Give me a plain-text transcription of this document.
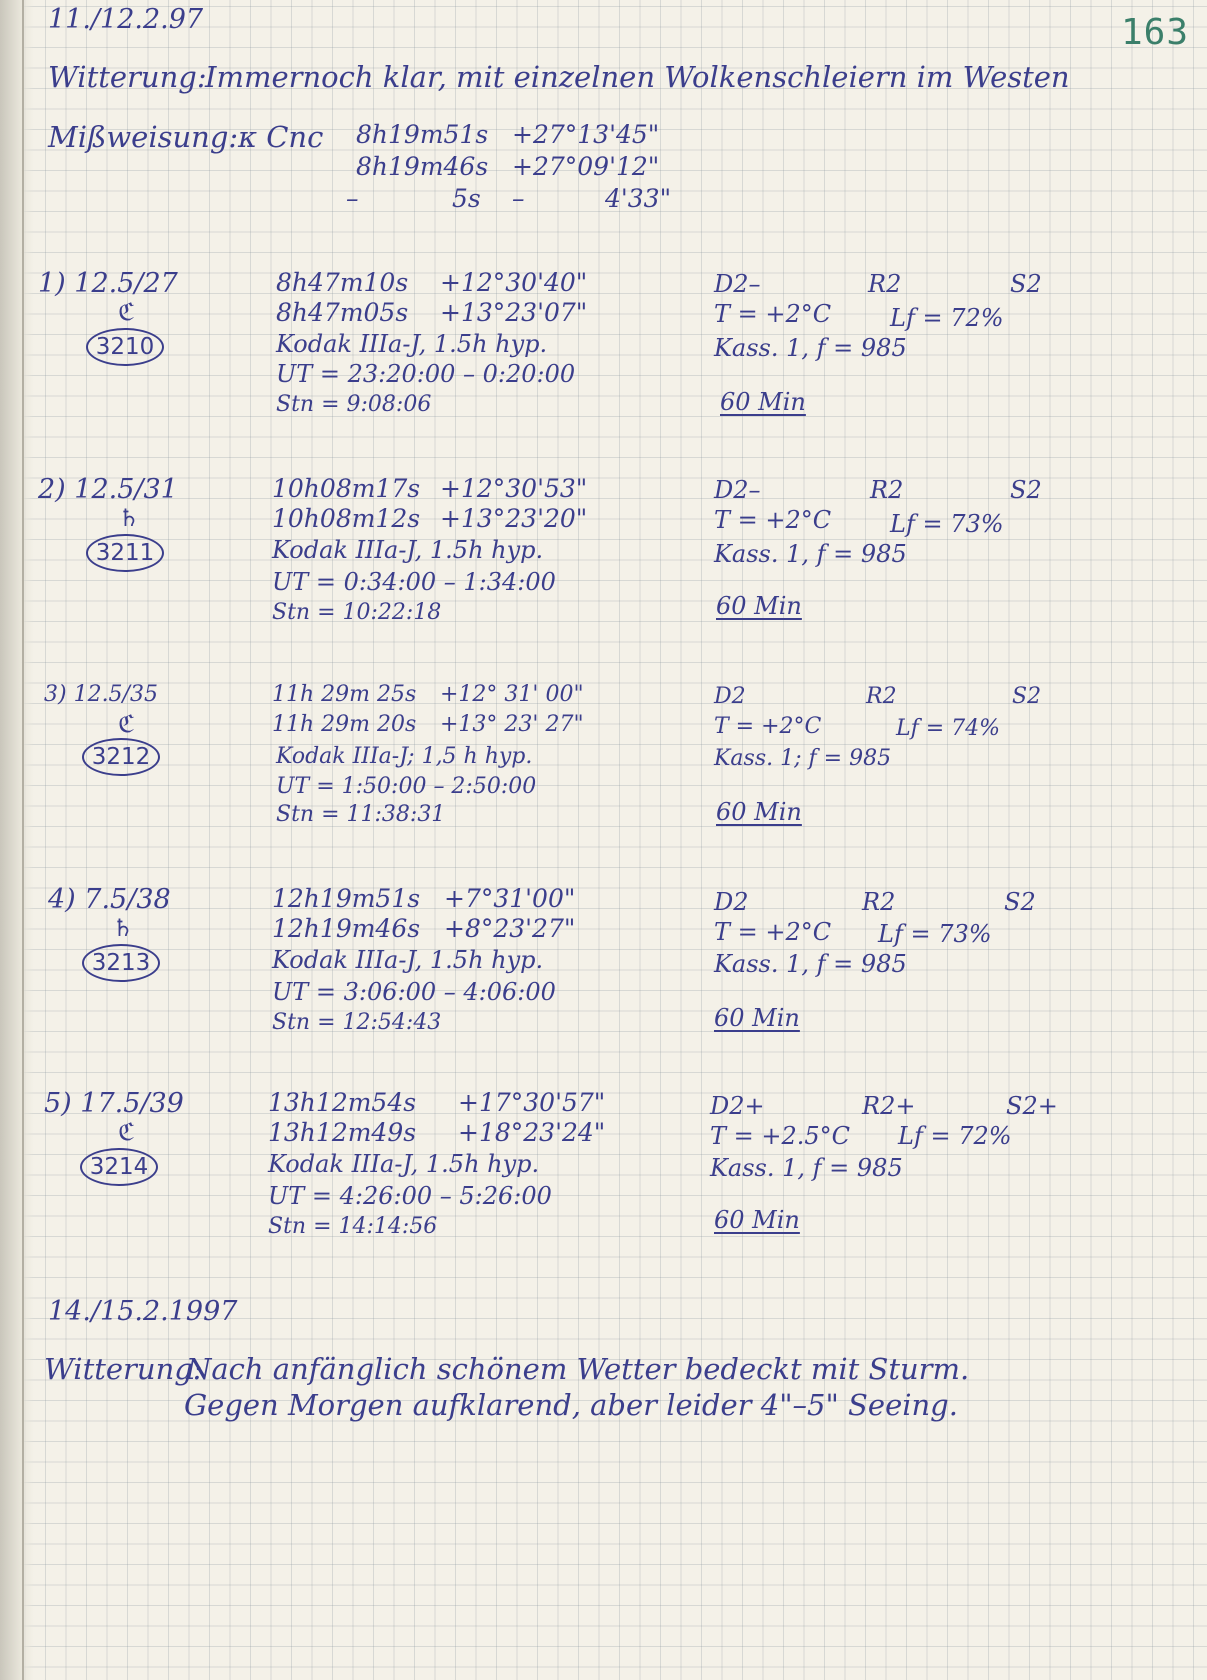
163
11./12.2.97
Witterung:
Immernoch klar, mit einzelnen Wolkenschleiern im Westen
Mißweisung: κ Cnc 8h19m51s +27°13'45"
8h19m46s +27°09'12"
–	5s –	4'33"
1) 12.5/27
ℭ
3210
8h47m10s +12°30'40"
8h47m05s +13°23'07"
Kodak IIIa-J, 1.5h hyp.
UT = 23:20:00 – 0:20:00
Stn = 9:08:06
D2–	R2	S2
T = +2°C Lf = 72%
Kass. 1, f = 985
60 Min
2) 12.5/31
♄
3211
10h08m17s +12°30'53"
10h08m12s +13°23'20"
Kodak IIIa-J, 1.5h hyp.
UT = 0:34:00 – 1:34:00
Stn = 10:22:18
D2–	R2	S2
T = +2°C Lf = 73%
Kass. 1, f = 985
60 Min
3) 12.5/35
ℭ
3212
11h 29m 25s +12° 31' 00"
11h 29m 20s +13° 23' 27"
Kodak IIIa-J; 1,5 h hyp.
UT = 1:50:00 – 2:50:00
Stn = 11:38:31
D2	R2	S2
T = +2°C	Lf = 74%
Kass. 1; f = 985
60 Min
4) 7.5/38
♄
3213
12h19m51s +7°31'00"
12h19m46s +8°23'27"
Kodak IIIa-J, 1.5h hyp.
UT = 3:06:00 – 4:06:00
Stn = 12:54:43
D2	R2	S2
T = +2°C Lf = 73%
Kass. 1, f = 985
60 Min
5) 17.5/39
ℭ
3214
13h12m54s +17°30'57"
13h12m49s +18°23'24"
Kodak IIIa-J, 1.5h hyp.
UT = 4:26:00 – 5:26:00
Stn = 14:14:56
D2+	R2+	S2+
T = +2.5°C Lf = 72%
Kass. 1, f = 985
60 Min
14./15.2.1997
Witterung:
Nach anfänglich schönem Wetter bedeckt mit Sturm.
Gegen Morgen aufklarend, aber leider 4"–5" Seeing.
